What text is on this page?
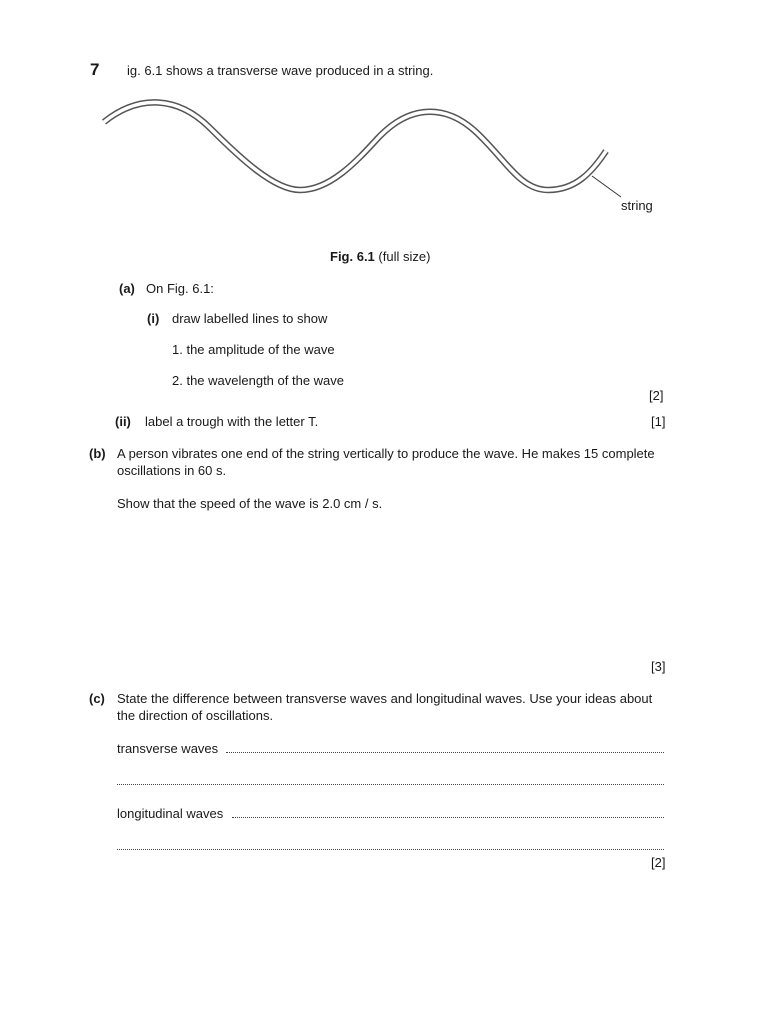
7 ig. 6.1 shows a transverse wave produced in a string.
string
Fig. 6.1 (full size)
(a) On Fig. 6.1:
(i) draw labelled lines to show
1. the amplitude of the wave
2. the wavelength of the wave
[2]
(ii) label a trough with the letter T.	[1]
(b) A person vibrates one end of the string vertically to produce the wave. He makes 15 complete
oscillations in 60 s.
Show that the speed of the wave is 2.0 cm / s.
[3]
(c) State the difference between transverse waves and longitudinal waves. Use your ideas about
the direction of oscillations.
transverse waves
longitudinal waves
[2]
